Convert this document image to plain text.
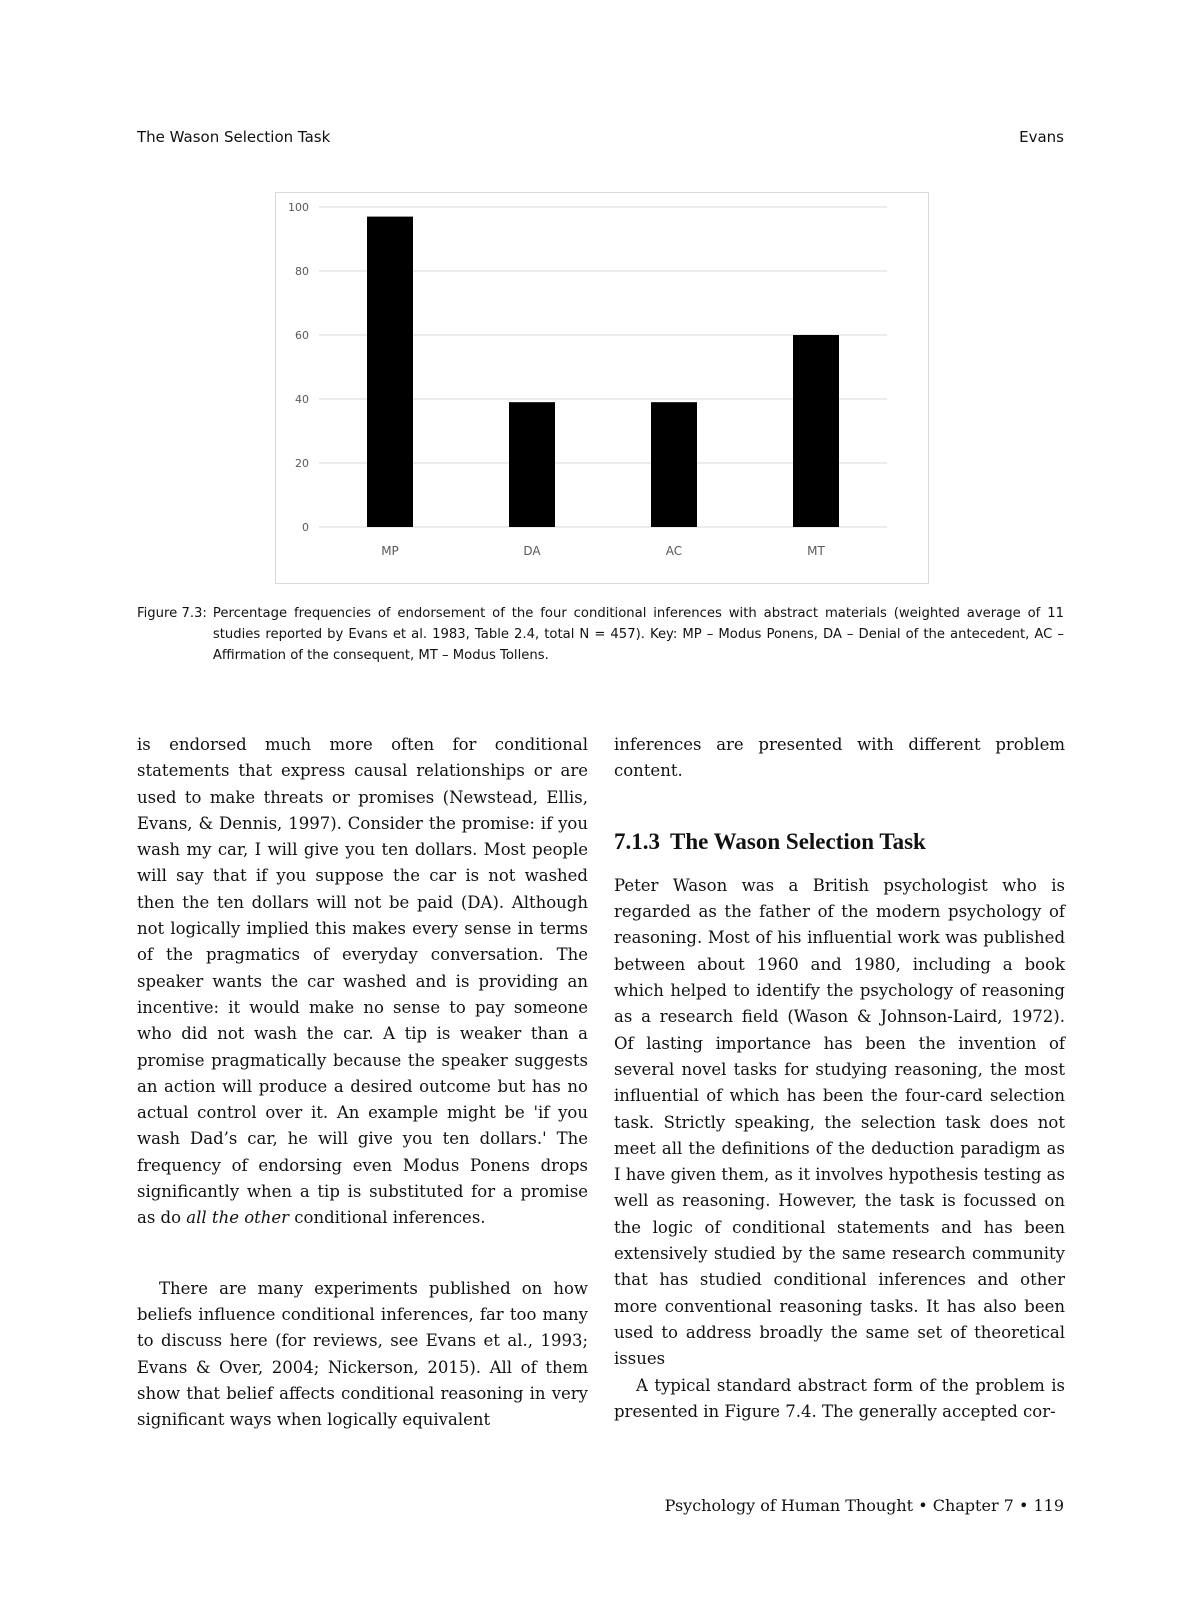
The Wason Selection Task	Evans
0
20
40
60
80
100
MP	DA	AC	MT
Figure 7.3: Percentage frequencies of endorsement of the four conditional inferences with abstract materials (weighted average of 11 studies reported by Evans et al. 1983, Table 2.4, total N = 457). Key: MP – Modus Ponens, DA – Denial of the antecedent, AC – Affirmation of the consequent, MT – Modus Tollens.

is endorsed much more often for conditional statements that express causal relationships or are used to make threats or promises (Newstead, Ellis, Evans, & Dennis, 1997). Consider the promise: if you wash my car, I will give you ten dollars. Most people will say that if you suppose the car is not washed then the ten dollars will not be paid (DA). Although not logically implied this makes every sense in terms of the pragmatics of everyday conversation. The speaker wants the car washed and is providing an incentive: it would make no sense to pay someone who did not wash the car. A tip is weaker than a promise pragmatically because the speaker suggests an action will produce a desired outcome but has no actual control over it. An example might be 'if you wash Dad’s car, he will give you ten dollars.' The frequency of endorsing even Modus Ponens drops significantly when a tip is substituted for a promise as do all the other conditional inferences.

There are many experiments published on how beliefs influence conditional inferences, far too many to discuss here (for reviews, see Evans et al., 1993; Evans & Over, 2004; Nickerson, 2015). All of them show that belief affects conditional reasoning in very significant ways when logically equivalent

inferences are presented with different problem content.

7.1.3 The Wason Selection Task

Peter Wason was a British psychologist who is regarded as the father of the modern psychology of reasoning. Most of his influential work was published between about 1960 and 1980, including a book which helped to identify the psychology of reasoning as a research field (Wason & Johnson-Laird, 1972). Of lasting importance has been the invention of several novel tasks for studying reasoning, the most influential of which has been the four-card selection task. Strictly speaking, the selection task does not meet all the definitions of the deduction paradigm as I have given them, as it involves hypothesis testing as well as reasoning. However, the task is focussed on the logic of conditional statements and has been extensively studied by the same research community that has studied conditional inferences and other more conventional reasoning tasks. It has also been used to address broadly the same set of theoretical issues

A typical standard abstract form of the problem is presented in Figure 7.4. The generally accepted cor-

Psychology of Human Thought • Chapter 7 • 119
